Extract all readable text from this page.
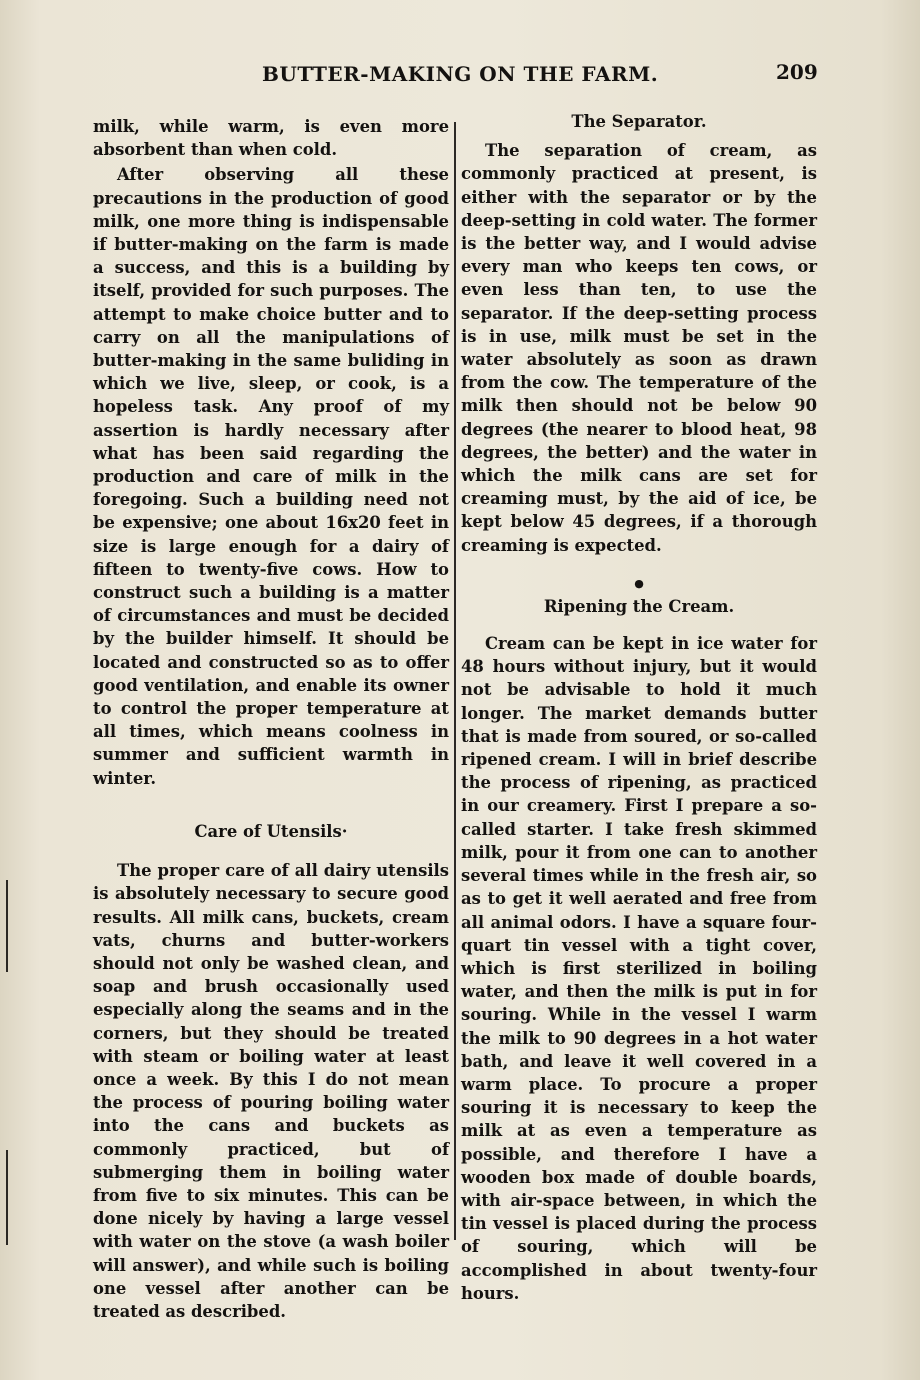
BUTTER-MAKING ON THE FARM.	209

milk, while warm, is even more absorbent than when cold.

After observing all these precautions in the production of good milk, one more thing is indispensable if butter-making on the farm is made a success, and this is a building by itself, provided for such purposes. The attempt to make choice butter and to carry on all the manipulations of butter-making in the same buliding in which we live, sleep, or cook, is a hopeless task. Any proof of my assertion is hardly necessary after what has been said regarding the production and care of milk in the foregoing. Such a building need not be expensive; one about 16x20 feet in size is large enough for a dairy of fifteen to twenty-five cows. How to construct such a building is a matter of circumstances and must be decided by the builder himself. It should be located and constructed so as to offer good ventilation, and enable its owner to control the proper temperature at all times, which means coolness in summer and sufficient warmth in winter.

Care of Utensils·

The proper care of all dairy utensils is absolutely necessary to secure good results. All milk cans, buckets, cream vats, churns and butter-workers should not only be washed clean, and soap and brush occasionally used especially along the seams and in the corners, but they should be treated with steam or boiling water at least once a week. By this I do not mean the process of pouring boiling water into the cans and buckets as commonly practiced, but of submerging them in boiling water from five to six minutes. This can be done nicely by having a large vessel with water on the stove (a wash boiler will answer), and while such is boiling one vessel after another can be treated as described.

The Separator.

The separation of cream, as commonly practiced at present, is either with the separator or by the deep-setting in cold water. The former is the better way, and I would advise every man who keeps ten cows, or even less than ten, to use the separator. If the deep-setting process is in use, milk must be set in the water absolutely as soon as drawn from the cow. The temperature of the milk then should not be below 90 degrees (the nearer to blood heat, 98 degrees, the better) and the water in which the milk cans are set for creaming must, by the aid of ice, be kept below 45 degrees, if a thorough creaming is expected.

●
Ripening the Cream.

Cream can be kept in ice water for 48 hours without injury, but it would not be advisable to hold it much longer. The market demands butter that is made from soured, or so-called ripened cream. I will in brief describe the process of ripening, as practiced in our creamery. First I prepare a so-called starter. I take fresh skimmed milk, pour it from one can to another several times while in the fresh air, so as to get it well aerated and free from all animal odors. I have a square four-quart tin vessel with a tight cover, which is first sterilized in boiling water, and then the milk is put in for souring. While in the vessel I warm the milk to 90 degrees in a hot water bath, and leave it well covered in a warm place. To procure a proper souring it is necessary to keep the milk at as even a temperature as possible, and therefore I have a wooden box made of double boards, with air-space between, in which the tin vessel is placed during the process of souring, which will be accomplished in about twenty-four hours.
